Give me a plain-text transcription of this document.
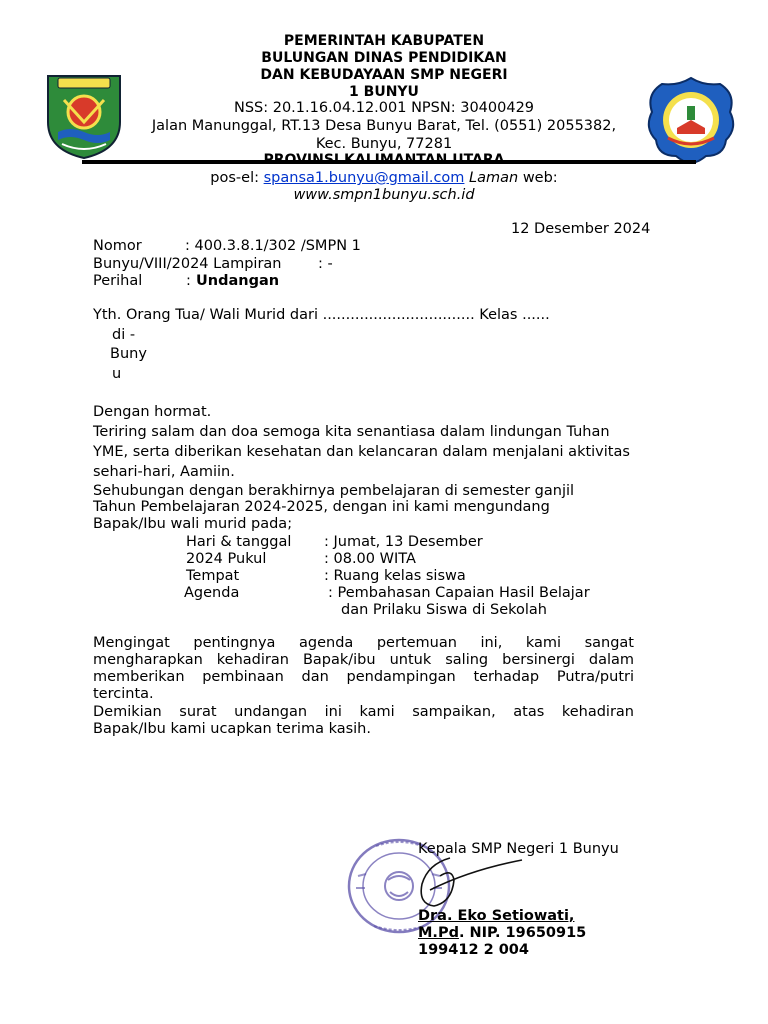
PEMERINTAH KABUPATEN
BULUNGAN DINAS PENDIDIKAN
DAN KEBUDAYAAN SMP NEGERI
1 BUNYU
NSS: 20.1.16.04.12.001 NPSN: 30400429
Jalan Manunggal, RT.13 Desa Bunyu Barat, Tel. (0551) 2055382,
Kec. Bunyu, 77281
pos-el: spansa1.bunyu@gmail.com Laman web:
www.smpn1bunyu.sch.id
12 Desember 2024
Nomor	: 400.3.8.1/302 /SMPN 1
Bunyu/VIII/2024 Lampiran	: -
Perihal	: Undangan
Yth. Orang Tua/ Wali Murid dari ................................. Kelas ......
di -
Buny
u
Dengan hormat.
Teriring salam dan doa semoga kita senantiasa dalam lindungan Tuhan
YME, serta diberikan kesehatan dan kelancaran dalam menjalani aktivitas
sehari-hari, Aamiin.
Sehubungan dengan berakhirnya pembelajaran di semester ganjil
Tahun Pembelajaran 2024-2025, dengan ini kami mengundang
Bapak/Ibu wali murid pada;
Hari & tanggal : Jumat, 13 Desember
2024 Pukul	: 08.00 WITA
Tempat	: Ruang kelas siswa
Agenda	: Pembahasan Capaian Hasil Belajar
dan Prilaku Siswa di Sekolah
Mengingat pentingnya agenda pertemuan ini, kami sangat
mengharapkan kehadiran Bapak/ibu untuk saling bersinergi dalam
memberikan pembinaan dan pendampingan terhadap Putra/putri
tercinta.
Demikian surat undangan ini kami sampaikan, atas kehadiran
Bapak/Ibu kami ucapkan terima kasih.
Kepala SMP Negeri 1 Bunyu
Dra. Eko Setiowati,
M.Pd. NIP. 19650915
199412 2 004
